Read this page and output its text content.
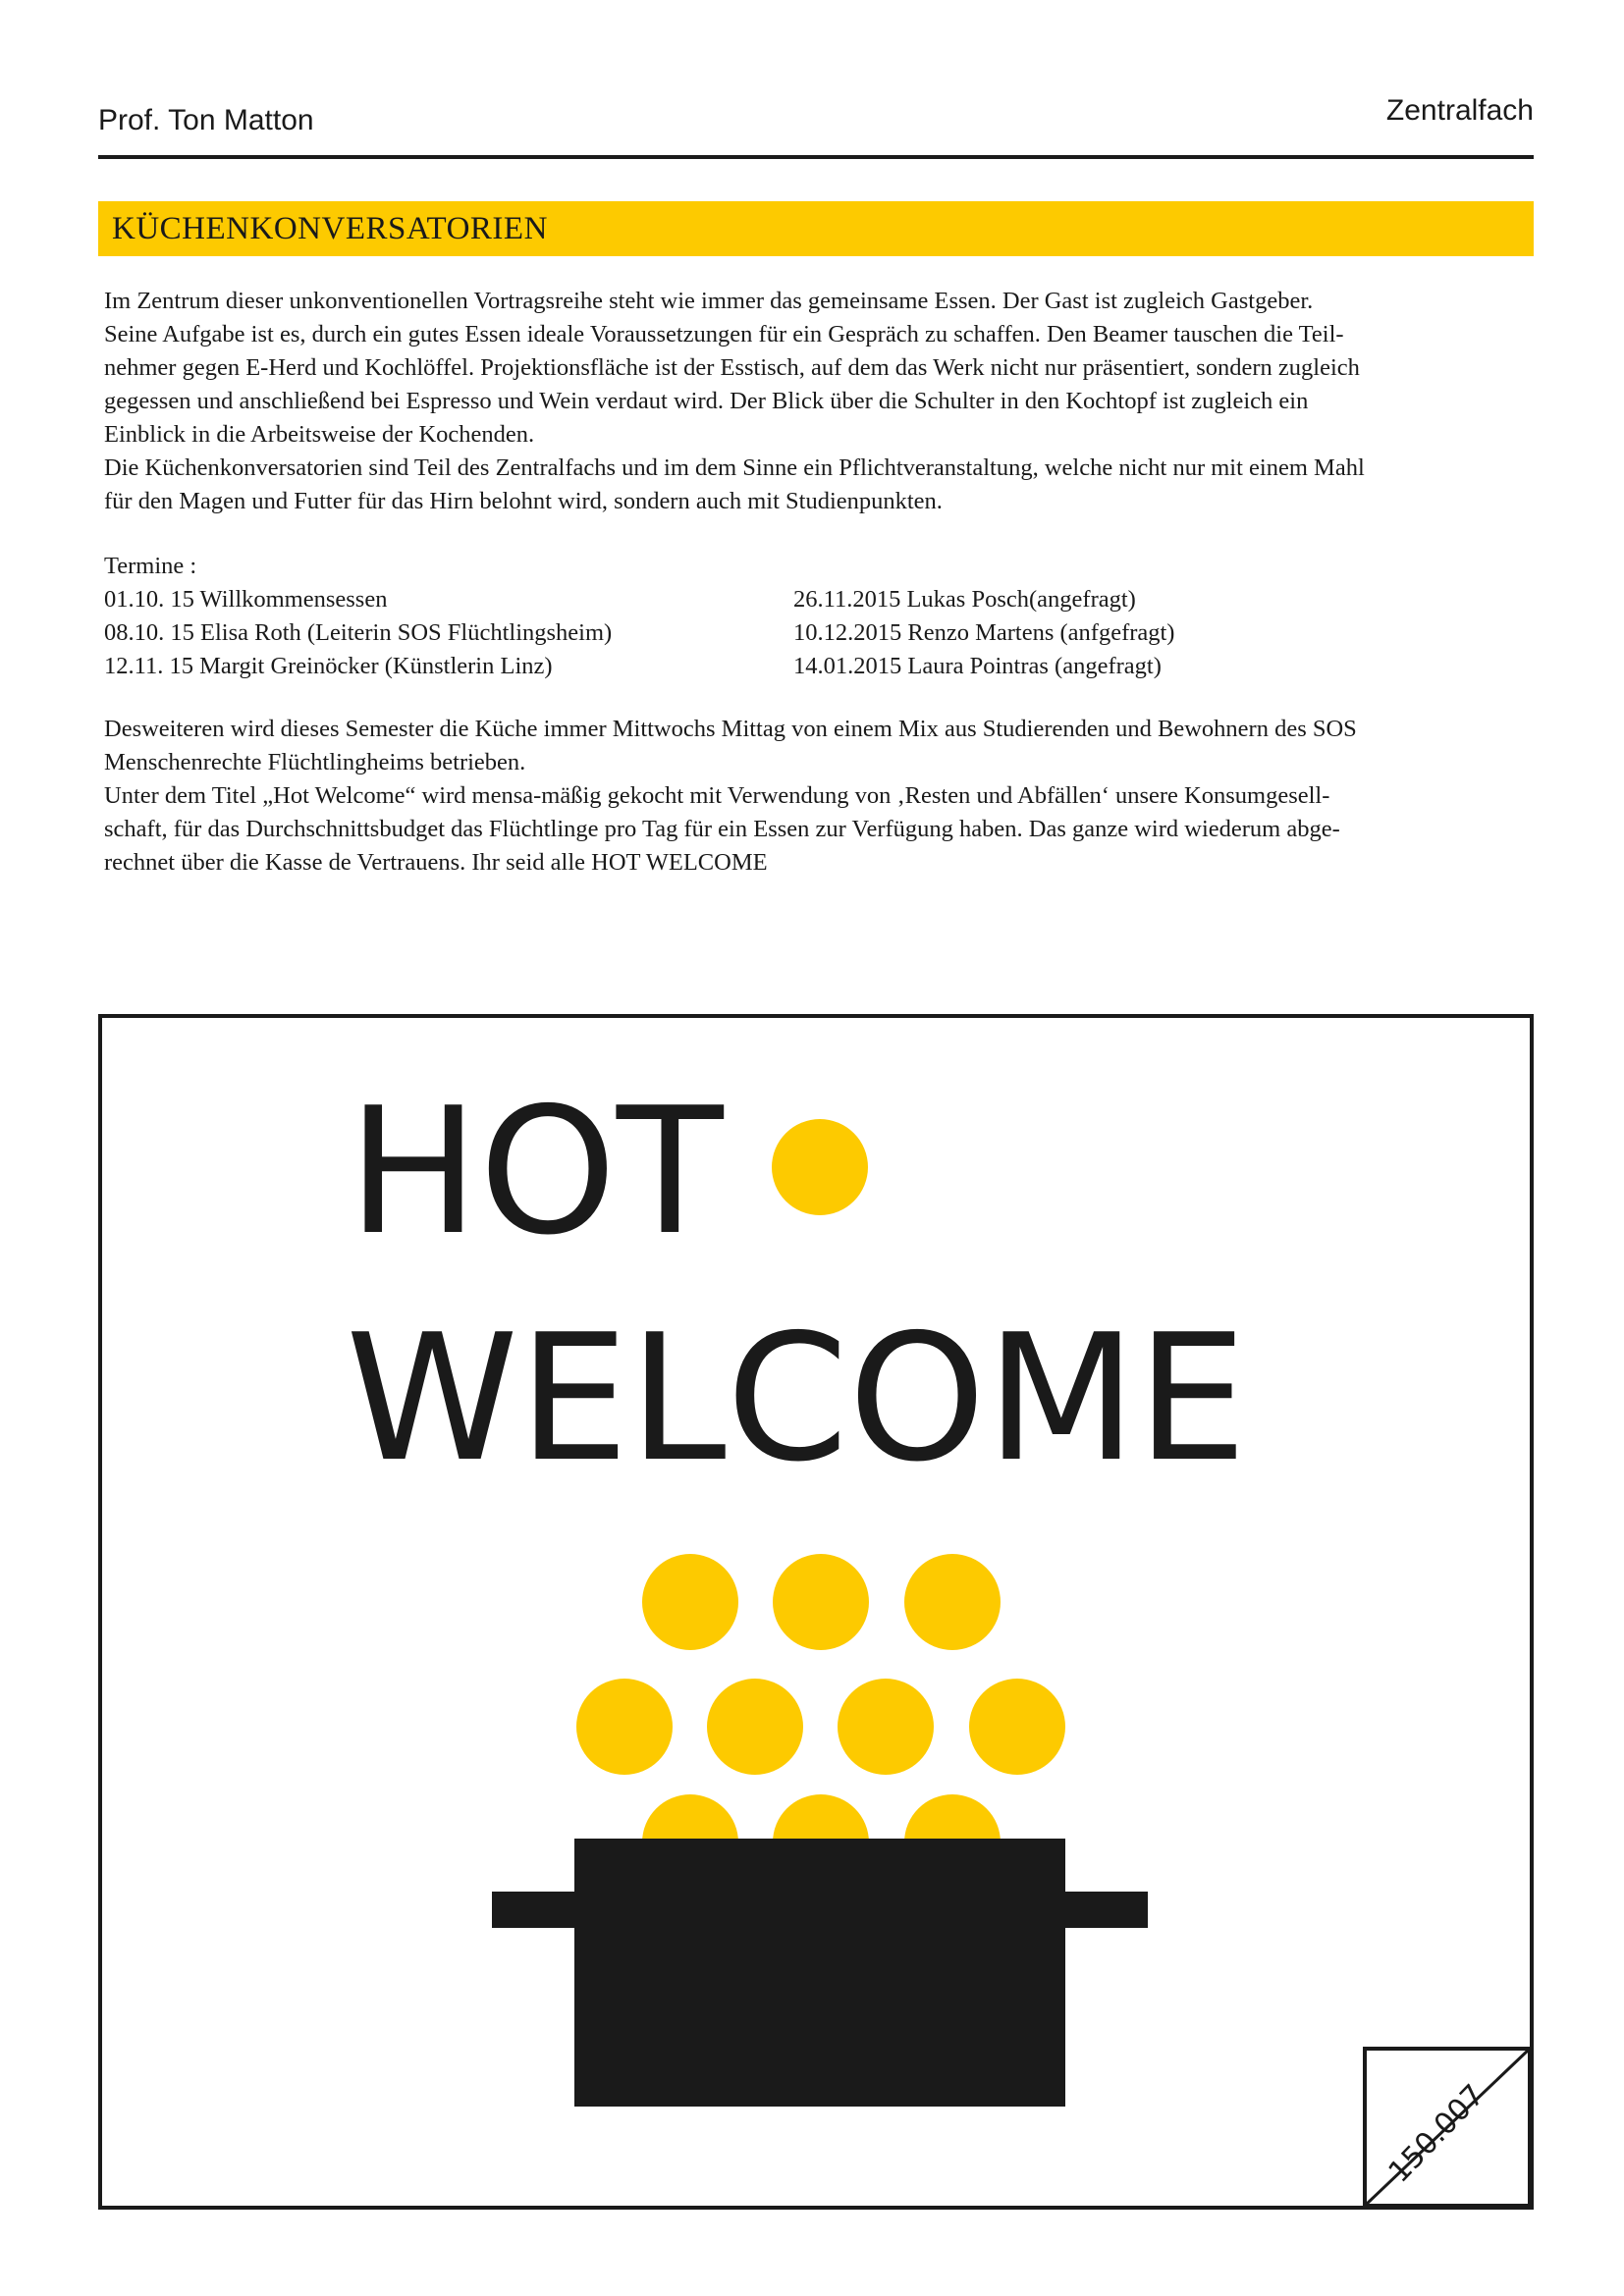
Prof. Ton Matton	Zentralfach
KÜCHENKONVERSATORIEN
Im Zentrum dieser unkonventionellen Vortragsreihe steht wie immer das gemeinsame Essen. Der Gast ist zugleich Gastgeber.
Seine Aufgabe ist es, durch ein gutes Essen ideale Voraussetzungen für ein Gespräch zu schaffen. Den Beamer tauschen die Teil-
nehmer gegen E-Herd und Kochlöffel. Projektionsfläche ist der Esstisch, auf dem das Werk nicht nur präsentiert, sondern zugleich
gegessen und anschließend bei Espresso und Wein verdaut wird. Der Blick über die Schulter in den Kochtopf ist zugleich ein
Einblick in die Arbeitsweise der Kochenden.
Die Küchenkonversatorien sind Teil des Zentralfachs und im dem Sinne ein Pflichtveranstaltung, welche nicht nur mit einem Mahl
für den Magen und Futter für das Hirn belohnt wird, sondern auch mit Studienpunkten.
Termine :
01.10. 15 Willkommensessen
08.10. 15 Elisa Roth (Leiterin SOS Flüchtlingsheim)
12.11. 15 Margit Greinöcker (Künstlerin Linz)
26.11.2015 Lukas Posch(angefragt)
10.12.2015 Renzo Martens (anfgefragt)
14.01.2015 Laura Pointras (angefragt)
Desweiteren wird dieses Semester die Küche immer Mittwochs Mittag von einem Mix aus Studierenden und Bewohnern des SOS
Menschenrechte Flüchtlingheims betrieben.
Unter dem Titel „Hot Welcome“ wird mensa-mäßig gekocht mit Verwendung von ‚Resten und Abfällen‘ unsere Konsumgesell-
schaft, für das Durchschnittsbudget das Flüchtlinge pro Tag für ein Essen zur Verfügung haben. Das ganze wird wiederum abge-
rechnet über die Kasse de Vertrauens. Ihr seid alle HOT WELCOME
HOT
WELCOME
150.007
